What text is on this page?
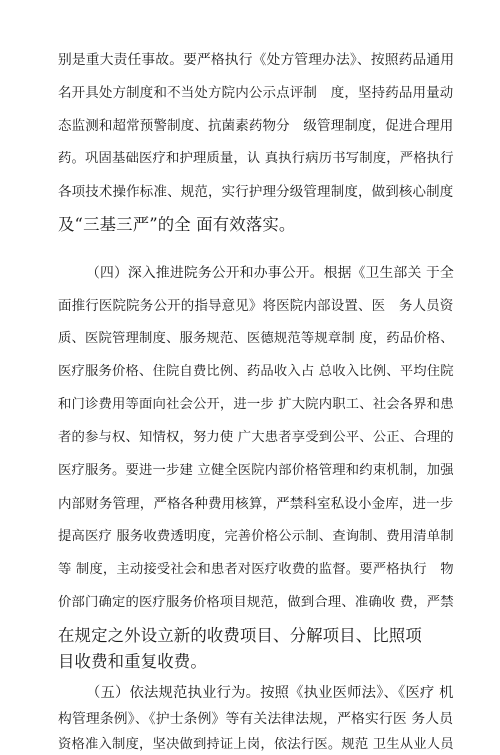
别是重大责任事故。要严格执行《处方管理办法》、按照药品通用
名开具处方制度和不当处方院内公示点评制　度，坚持药品用量动
态监测和超常预警制度、抗菌素药物分　级管理制度，促进合理用
药。巩固基础医疗和护理质量，认 真执行病历书写制度，严格执行
各项技术操作标准、规范，实行护理分级管理制度，做到核心制度
及“三基三严”的全 面有效落实。
（四）深入推进院务公开和办事公开。根据《卫生部关 于全
面推行医院院务公开的指导意见》将医院内部设置、医　务人员资
质、医院管理制度、服务规范、医德规范等规章制 度，药品价格、
医疗服务价格、住院自费比例、药品收入占 总收入比例、平均住院
和门诊费用等面向社会公开，进一步 扩大院内职工、社会各界和患
者的参与权、知情权，努力使 广大患者享受到公平、公正、合理的
医疗服务。要进一步建 立健全医院内部价格管理和约束机制，加强
内部财务管理，严格各种费用核算，严禁科室私设小金库，进一步
提高医疗 服务收费透明度，完善价格公示制、查询制、费用清单制
等 制度，主动接受社会和患者对医疗收费的监督。要严格执行　物
价部门确定的医疗服务价格项目规范，做到合理、准确收 费，严禁
在规定之外设立新的收费项目、分解项目、比照项
目收费和重复收费。
（五）依法规范执业行为。按照《执业医师法》、《医疗 机
构管理条例》、《护士条例》等有关法律法规，严格实行医 务人员
资格准入制度，坚决做到持证上岗，依法行医。规范 卫生从业人员
